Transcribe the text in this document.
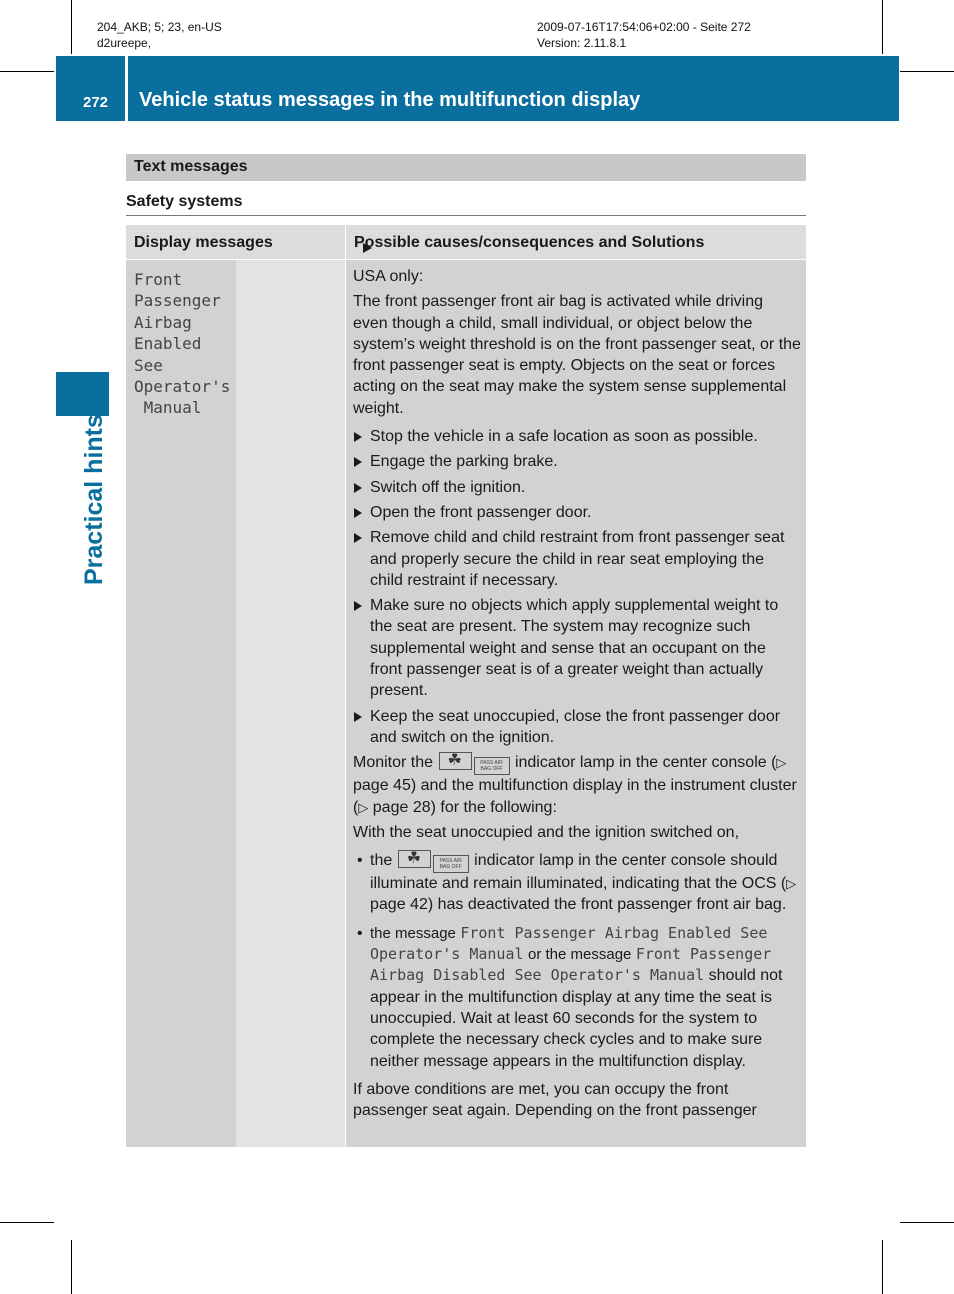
204_AKB; 5; 23, en-US
d2ureepe,
2009-07-16T17:54:06+02:00 - Seite 272
Version: 2.11.8.1
272 Vehicle status messages in the multifunction display
Practical hints
Text messages
Safety systems
Display messages	Possible causes/consequences and Solutions
Front
Passenger
Airbag
Enabled
See
Operator's
Manual

USA only:

The front passenger front air bag is activated while driving even though a child, small individual, or object below the system’s weight threshold is on the front passenger seat, or the front passenger seat is empty. Objects on the seat or forces acting on the seat may make the system sense supplemental weight.

Stop the vehicle in a safe location as soon as possible.
Engage the parking brake.
Switch off the ignition.
Open the front passenger door.
Remove child and child restraint from front passenger seat and properly secure the child in rear seat employing the child restraint if necessary.
Make sure no objects which apply supplemental weight to the seat are present. The system may recognize such supplemental weight and sense that an occupant on the front passenger seat is of a greater weight than actually present.
Keep the seat unoccupied, close the front passenger door and switch on the ignition.

Monitor the ☘	PASS AIR BAG OFF indicator lamp in the center console (▷ page 45) and the multifunction display in the instrument cluster (▷ page 28) for the following:

With the seat unoccupied and the ignition switched on,

• the ☘	PASS AIR BAG OFF indicator lamp in the center console should illuminate and remain illuminated, indicating that the OCS (▷ page 42) has deactivated the front passenger front air bag.
• the message Front Passenger Airbag Enabled See Operator's Manual or the message Front Passenger Airbag Disabled See Operator's Manual should not appear in the multifunction display at any time the seat is unoccupied. Wait at least 60 seconds for the system to complete the necessary check cycles and to make sure neither message appears in the multifunction display.

If above conditions are met, you can occupy the front passenger seat again. Depending on the front passenger
